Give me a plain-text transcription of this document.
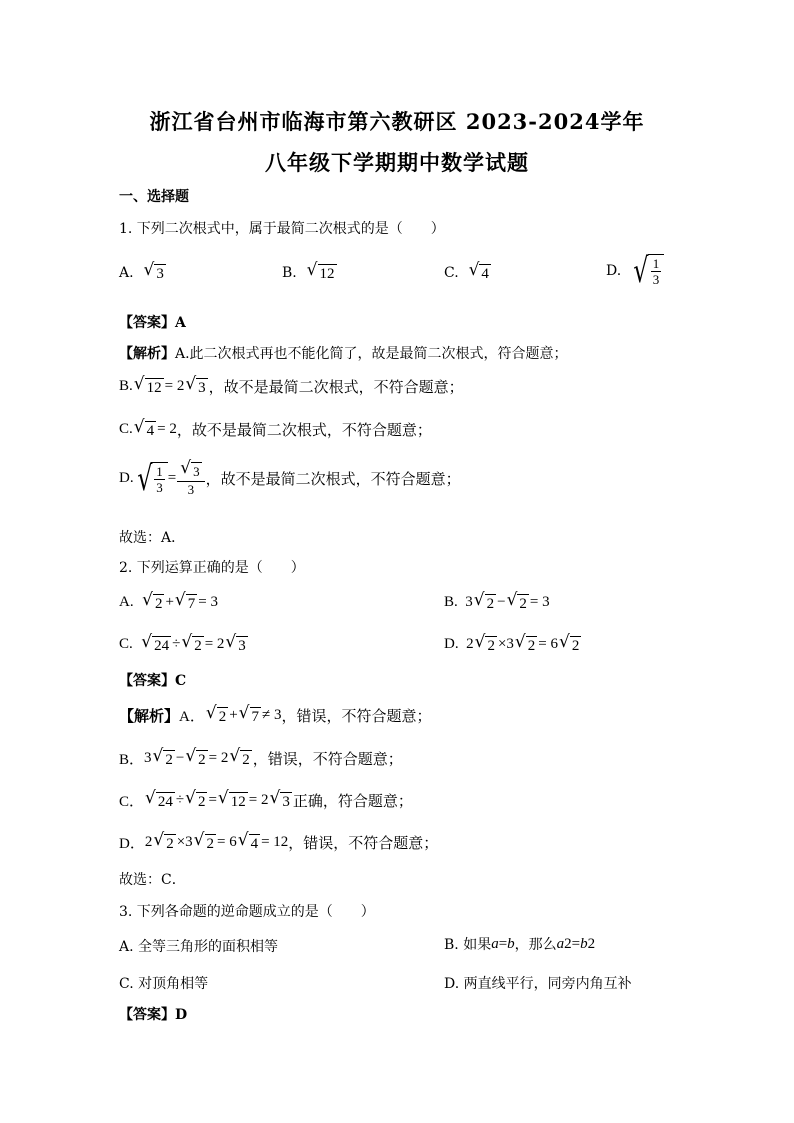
浙江省台州市临海市第六教研区 2023-2024学年
八年级下学期期中数学试题
一、选择题
1. 下列二次根式中，属于最简二次根式的是（　　）
A.
√ 3	B.
√ 12	C.
√ 4	D.
√ $\frac{1}{3}$
【答案】A
【解析】 A.此二次根式再也不能化简了，故是最简二次根式，符合题意；
B. √ 12 = 2 √ 3 ，故不是最简二次根式，不符合题意；
C. √ 4 = 2 ，故不是最简二次根式，不符合题意；
D. √ $\frac{1}{3} = \frac{√ 3}{3}$ ，故不是最简二次根式，不符合题意；
故选：A．
2. 下列运算正确的是（　　）
A.
√ 2 + √ 7 = 3	B.
3 √ 2 − √ 2 = 3
C.
√ 24 ÷ √ 2 = 2 √ 3	D.
2 √ 2 ×3 √ 2 = 6 √ 2
【答案】C
【解析】 A． √ 2 + √ 7 ≠ 3 ，错误，不符合题意；
B． 3 √ 2 − √ 2 = 2 √ 2 ，错误，不符合题意；
C． √ 24 ÷ √ 2 = √ 12 = 2 √ 3 正确，符合题意；
D． 2 √ 2 ×3 √ 2 = 6 √ 4 = 12 ，错误，不符合题意；
故选：C．
3. 下列各命题的逆命题成立的是（　　）
A. 全等三角形的面积相等	B. 如果 a = b ，那么 a 2 = b 2
C. 对顶角相等	D. 两直线平行，同旁内角互补
【答案】D
